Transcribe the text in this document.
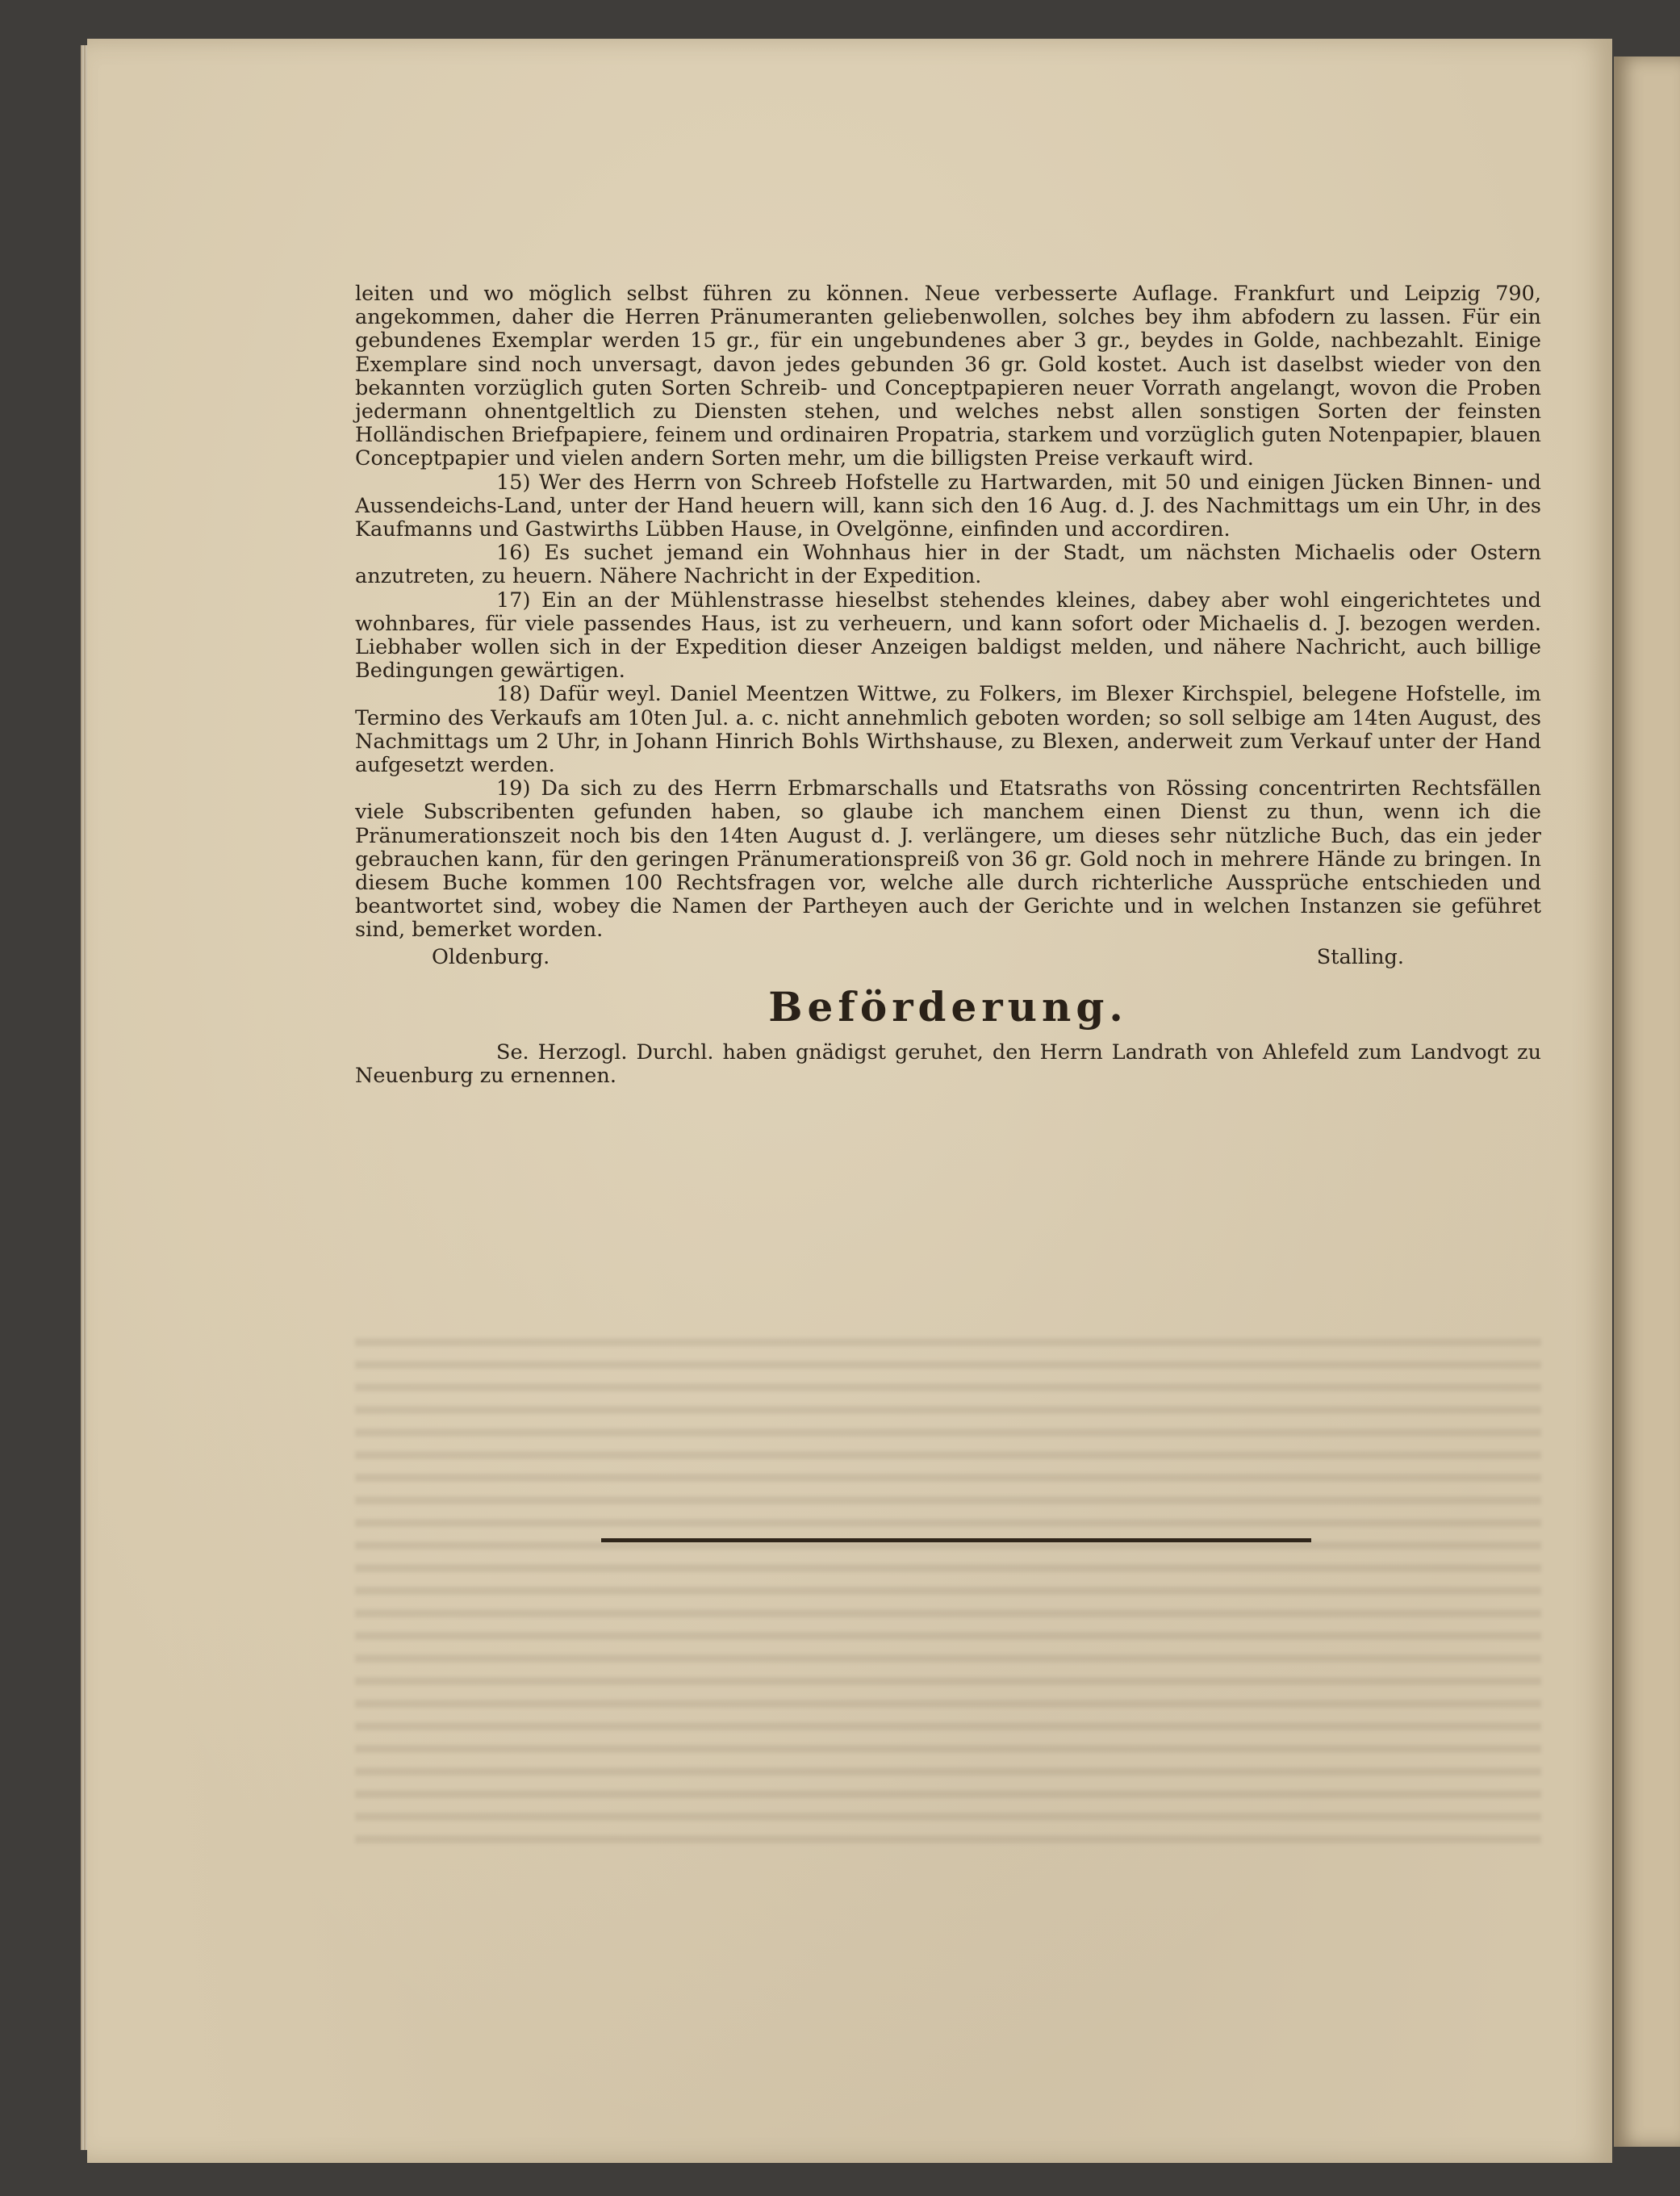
leiten und wo möglich selbst führen zu können. Neue verbesserte Auflage. Frankfurt und Leipzig 790, angekommen, daher die Herren Pränumeranten geliebenwollen, solches bey ihm abfodern zu lassen. Für ein gebundenes Exemplar werden 15 gr., für ein ungebundenes aber 3 gr., beydes in Golde, nachbezahlt. Einige Exemplare sind noch unversagt, davon jedes gebunden 36 gr. Gold kostet. Auch ist daselbst wieder von den bekannten vorzüglich guten Sorten Schreib- und Conceptpapieren neuer Vorrath angelangt, wovon die Proben jedermann ohnentgeltlich zu Diensten stehen, und welches nebst allen sonstigen Sorten der feinsten Holländischen Briefpapiere, feinem und ordinairen Propatria, starkem und vorzüglich guten Notenpapier, blauen Conceptpapier und vielen andern Sorten mehr, um die billigsten Preise verkauft wird.

15) Wer des Herrn von Schreeb Hofstelle zu Hartwarden, mit 50 und einigen Jücken Binnen- und Aussendeichs-Land, unter der Hand heuern will, kann sich den 16 Aug. d. J. des Nachmittags um ein Uhr, in des Kaufmanns und Gastwirths Lübben Hause, in Ovelgönne, einfinden und accordiren.

16) Es suchet jemand ein Wohnhaus hier in der Stadt, um nächsten Michaelis oder Ostern anzutreten, zu heuern. Nähere Nachricht in der Expedition.

17) Ein an der Mühlenstrasse hieselbst stehendes kleines, dabey aber wohl eingerichtetes und wohnbares, für viele passendes Haus, ist zu verheuern, und kann sofort oder Michaelis d. J. bezogen werden. Liebhaber wollen sich in der Expedition dieser Anzeigen baldigst melden, und nähere Nachricht, auch billige Bedingungen gewärtigen.

18) Dafür weyl. Daniel Meentzen Wittwe, zu Folkers, im Blexer Kirchspiel, belegene Hofstelle, im Termino des Verkaufs am 10ten Jul. a. c. nicht annehmlich geboten worden; so soll selbige am 14ten August, des Nachmittags um 2 Uhr, in Johann Hinrich Bohls Wirthshause, zu Blexen, anderweit zum Verkauf unter der Hand aufgesetzt werden.

19) Da sich zu des Herrn Erbmarschalls und Etatsraths von Rössing concentrirten Rechtsfällen viele Subscribenten gefunden haben, so glaube ich manchem einen Dienst zu thun, wenn ich die Pränumerationszeit noch bis den 14ten August d. J. verlängere, um dieses sehr nützliche Buch, das ein jeder gebrauchen kann, für den geringen Pränumerationspreiß von 36 gr. Gold noch in mehrere Hände zu bringen. In diesem Buche kommen 100 Rechtsfragen vor, welche alle durch richterliche Aussprüche entschieden und beantwortet sind, wobey die Namen der Partheyen auch der Gerichte und in welchen Instanzen sie geführet sind, bemerket worden.

Oldenburg.	Stalling.
Beförderung.

Se. Herzogl. Durchl. haben gnädigst geruhet, den Herrn Landrath von Ahlefeld zum Landvogt zu Neuenburg zu ernennen.
